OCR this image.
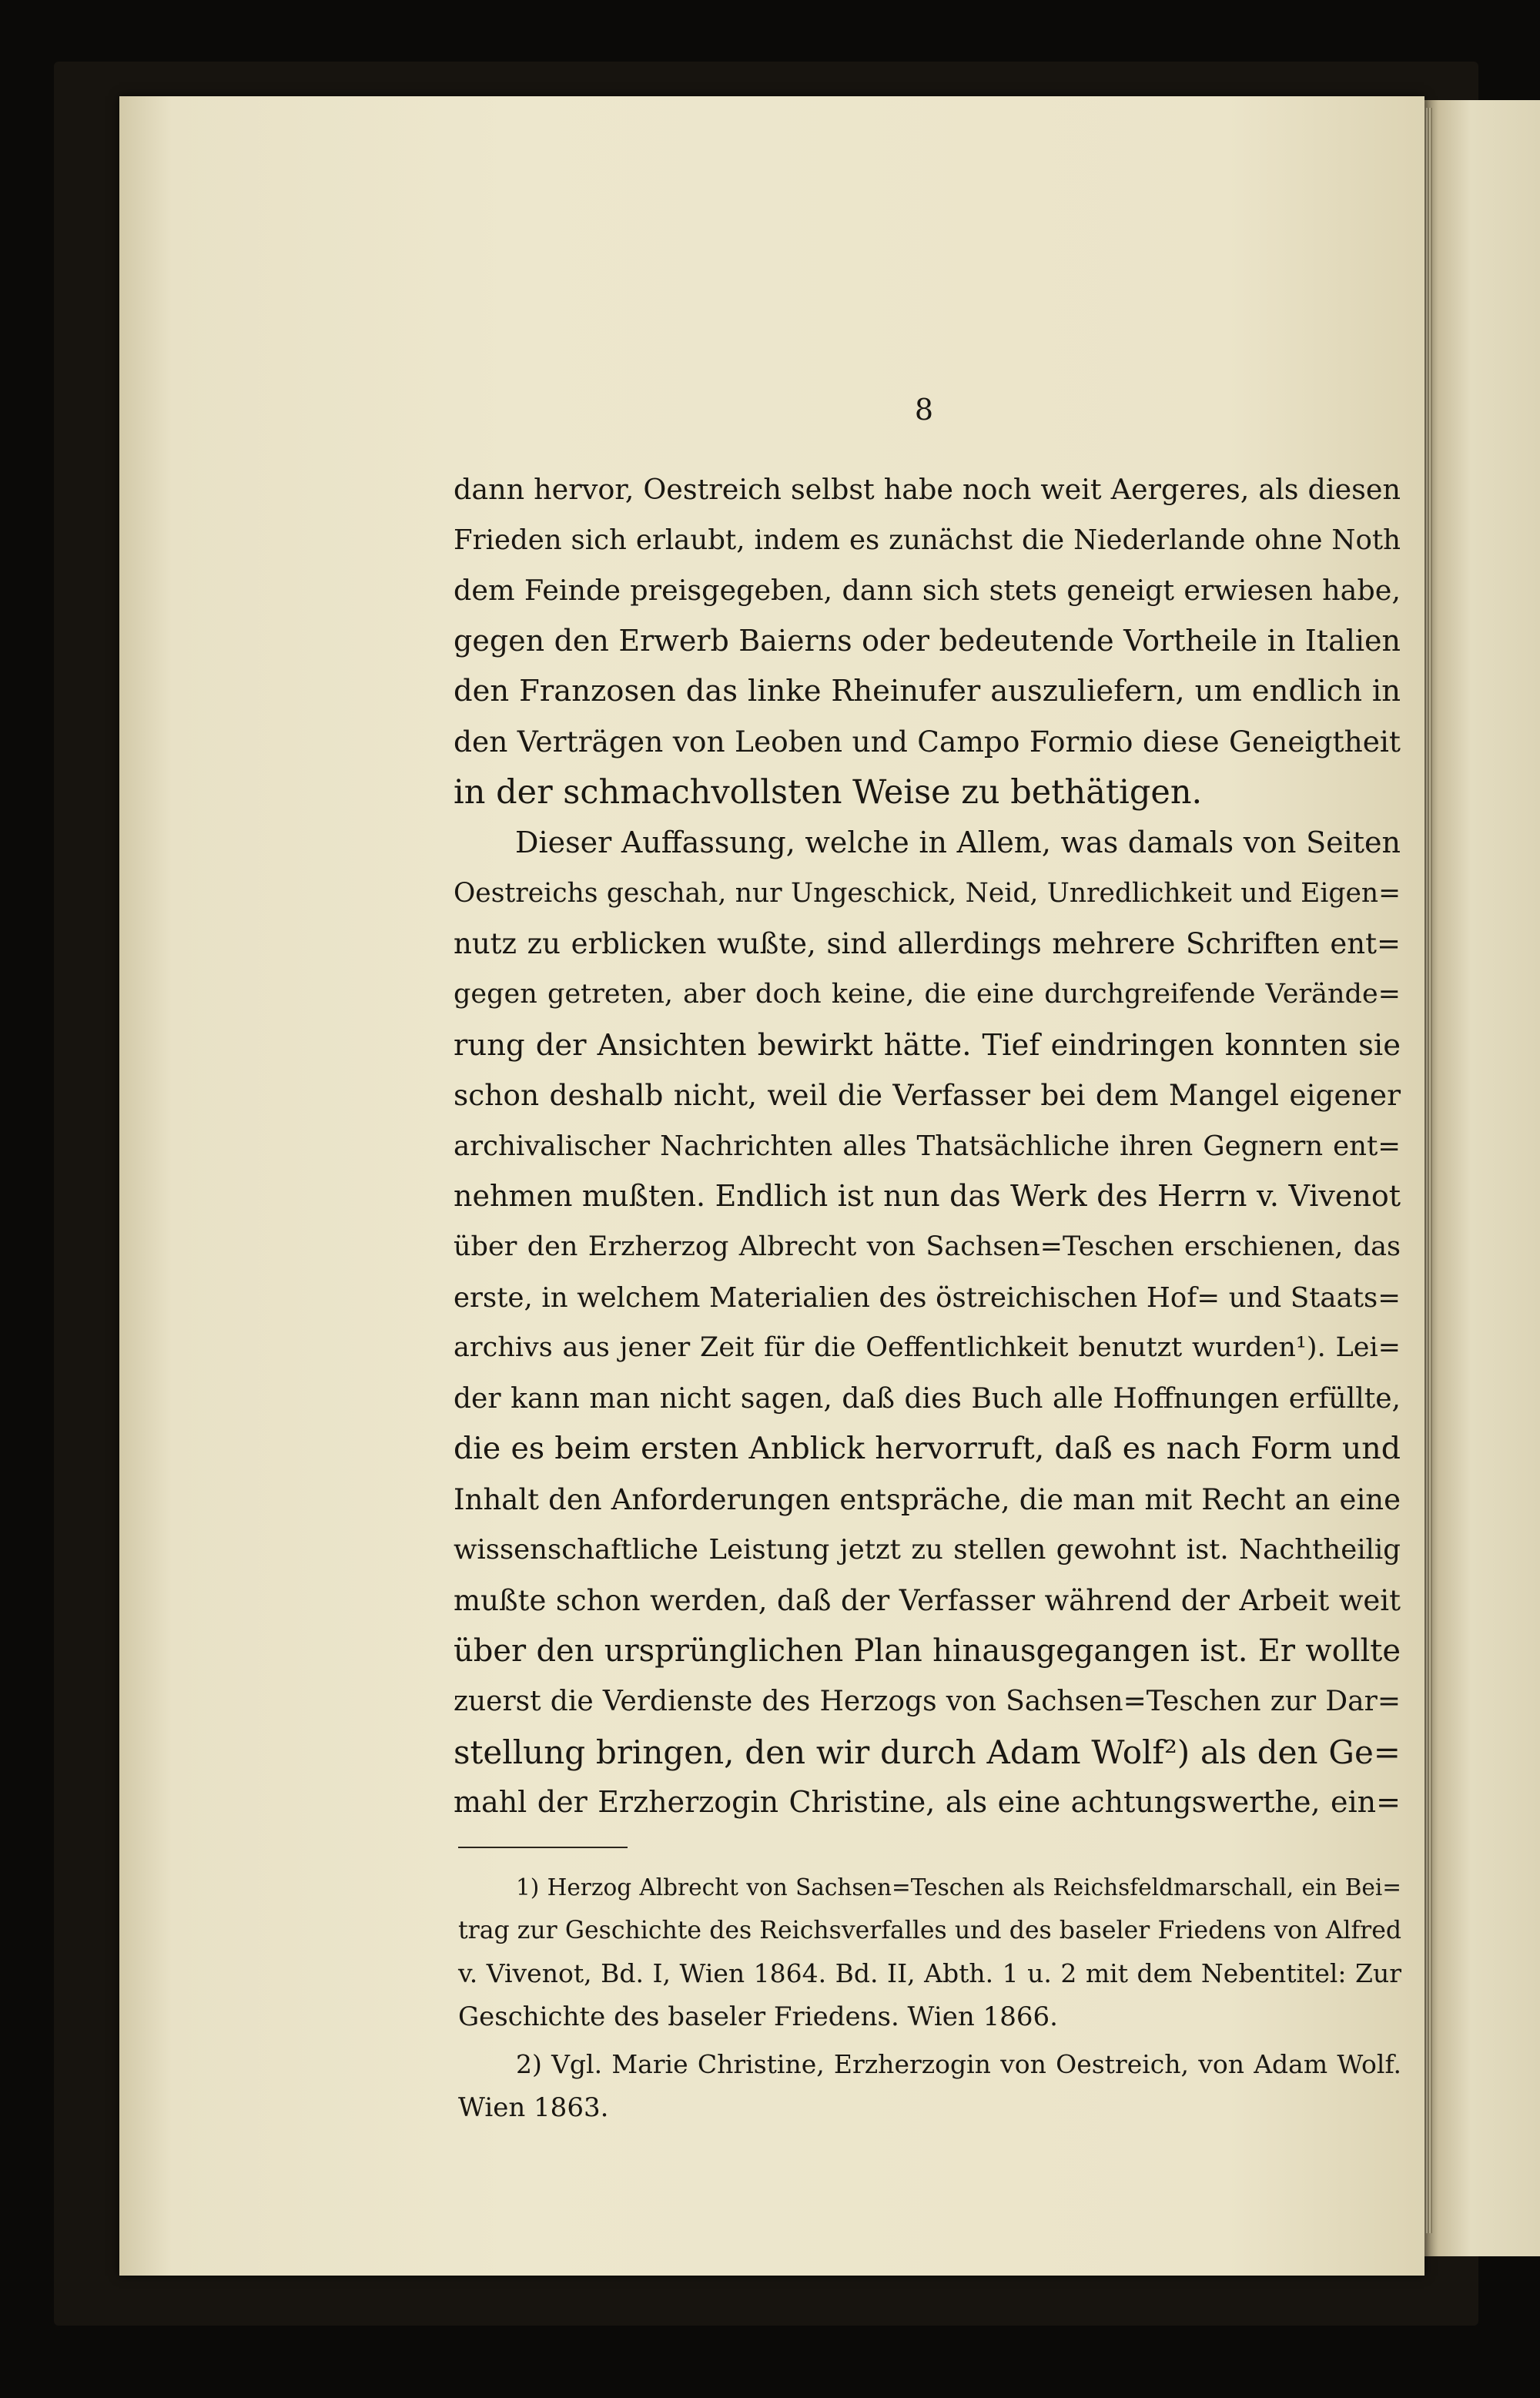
8
dann hervor, Oestreich selbst habe noch weit Aergeres, als diesen
Frieden sich erlaubt, indem es zunächst die Niederlande ohne Noth
dem Feinde preisgegeben, dann sich stets geneigt erwiesen habe,
gegen den Erwerb Baierns oder bedeutende Vortheile in Italien
den Franzosen das linke Rheinufer auszuliefern, um endlich in
den Verträgen von Leoben und Campo Formio diese Geneigtheit
in der schmachvollsten Weise zu bethätigen.
Dieser Auffassung, welche in Allem, was damals von Seiten
Oestreichs geschah, nur Ungeschick, Neid, Unredlichkeit und Eigen=
nutz zu erblicken wußte, sind allerdings mehrere Schriften ent=
gegen getreten, aber doch keine, die eine durchgreifende Verände=
rung der Ansichten bewirkt hätte. Tief eindringen konnten sie
schon deshalb nicht, weil die Verfasser bei dem Mangel eigener
archivalischer Nachrichten alles Thatsächliche ihren Gegnern ent=
nehmen mußten. Endlich ist nun das Werk des Herrn v. Vivenot
über den Erzherzog Albrecht von Sachsen=Teschen erschienen, das
erste, in welchem Materialien des östreichischen Hof= und Staats=
archivs aus jener Zeit für die Oeffentlichkeit benutzt wurden¹). Lei=
der kann man nicht sagen, daß dies Buch alle Hoffnungen erfüllte,
die es beim ersten Anblick hervorruft, daß es nach Form und
Inhalt den Anforderungen entspräche, die man mit Recht an eine
wissenschaftliche Leistung jetzt zu stellen gewohnt ist. Nachtheilig
mußte schon werden, daß der Verfasser während der Arbeit weit
über den ursprünglichen Plan hinausgegangen ist. Er wollte
zuerst die Verdienste des Herzogs von Sachsen=Teschen zur Dar=
stellung bringen, den wir durch Adam Wolf²) als den Ge=
mahl der Erzherzogin Christine, als eine achtungswerthe, ein=
1) Herzog Albrecht von Sachsen=Teschen als Reichsfeldmarschall, ein Bei=
trag zur Geschichte des Reichsverfalles und des baseler Friedens von Alfred
v. Vivenot, Bd. I, Wien 1864. Bd. II, Abth. 1 u. 2 mit dem Nebentitel: Zur
Geschichte des baseler Friedens. Wien 1866.
2) Vgl. Marie Christine, Erzherzogin von Oestreich, von Adam Wolf.
Wien 1863.
